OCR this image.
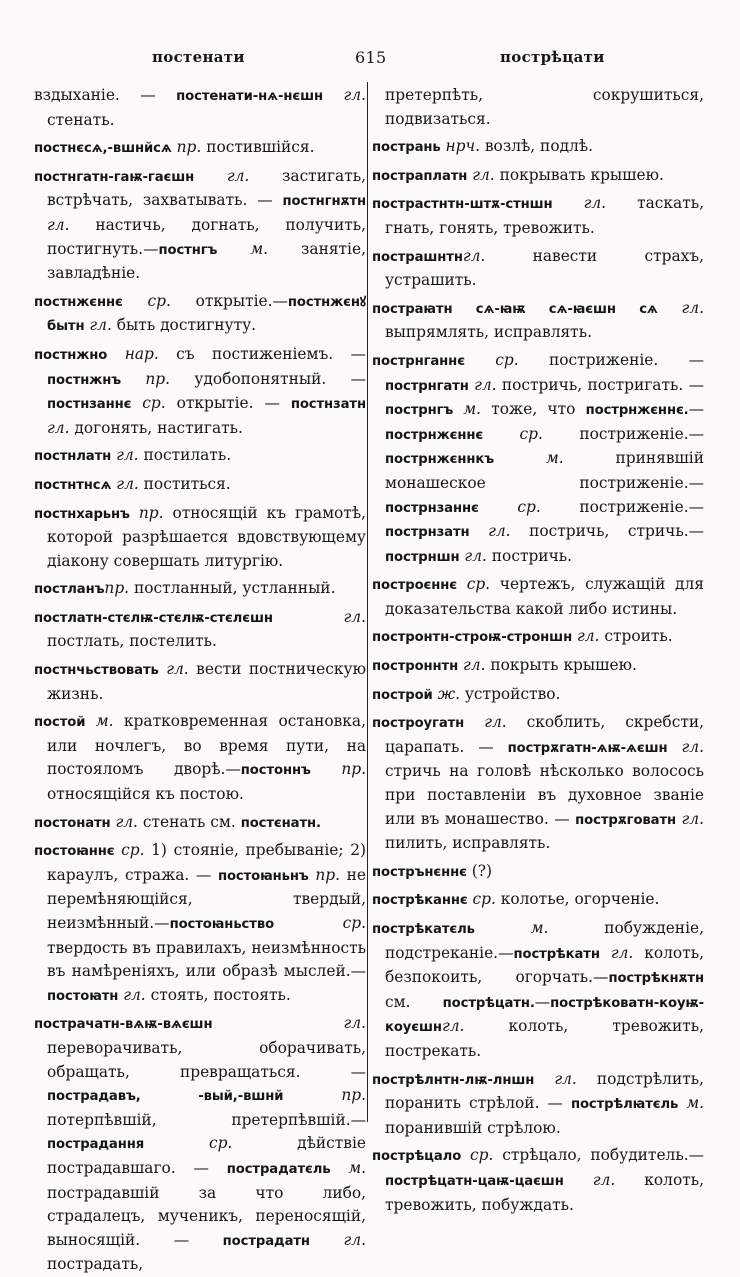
постенати	615	пострѣцати

вздыханіе. — постенати-нѧ-нєшн гл. стенать.

постнєсѧ,-вшнйсѧ пр. постившійся.

постнгатн-гаѭ-гаєшн гл. застигать, встрѣчать, захватывать. — постнгнѫтн гл. настичь, догнать, получить, постигнуть.—постнгъ м. занятіе, завладѣніе.

постнжєннє ср. открытіе.—постнжєнꙋ бытн гл. быть достигнуту.

постнжно нар. съ постиженіемъ. — постнжнъ пр. удобопонятный. — постнзаннє ср. открытіе. — постнзатн гл. догонять, настигать.

постнлатн гл. постилать.

постнтнсѧ гл. поститься.

постнхарьнъ пр. относящій къ грамотѣ, которой разрѣшается вдовствующему діакону совершать литургію.

постланъпр. постланный, устланный.

постлатн-стєлѭ-стєлѭ-стєлєшн	гл. постлать, постелить.

постнчьствовать гл. вести постническую жизнь.

постой м. кратковременная остановка, или ночлегъ, во время пути, на постояломъ дворѣ.—постоннъ пр. относящійся къ постою.

постонатн гл. стенать см. постєнатн.

постоꙗннє ср. 1) стояніе, пребываніе; 2) караулъ, стража. — постоꙗньнъ пр. не перемѣняющійся, твердый, неизмѣнный.—постоꙗньство	ср. твердость въ правилахъ, неизмѣнность въ намѣреніяхъ, или образѣ мыслей.—постоꙗтн гл. стоять, постоять.

пострачатн-вѧѭ-вѧєшн	гл. переворачивать, оборачивать, обращать, превращаться. — пострадавъ, -вый,-вшнй	пр. потерпѣвшій, претерпѣвшій.—пострадання	ср. дѣйствіе пострадавшаго. — пострадатєль м. пострадавшій за что либо, страдалецъ, мученикъ, переносящій, выносящій. — пострадатн гл. пострадать,

претерпѣть, сокрушиться, подвизаться.

пострань нрч. возлѣ, подлѣ.

постраплатн гл. покрывать крышею.

пострастнтн-штѫ-стншн гл. таскать, гнать, гонять, тревожить.

пострашнтнгл. навести страхъ, устрашить.

постраꙗтн сѧ-ꙗѭ сѧ-ꙗєшн сѧ гл. выпрямлять, исправлять.

пострнганнє ср. постриженіе. — пострнгатн гл. постричь, постригать. —пострнгъ м. тоже, что пострнжєннє.— пострнжєннє ср. постриженіе.—пострнжєннкъ	м. принявшій монашеское постриженіе.—пострнзаннє	ср. постриженіе.—пострнзатн гл. постричь, стричь.—пострншн гл. постричь.

построєннє ср. чертежъ, служащій для доказательства какой либо истины.

постронтн-строѭ-строншн гл. строить.

построннтн гл. покрыть крышею.

построй ж. устройство.

построугатн гл. скоблить, скребсти, царапать. — пострѫгатн-ѧѭ-ѧєшн гл. стричь на головѣ нѣсколько волосось при поставленіи въ духовное званіе или въ монашество. — пострѫговатн гл. пилить, исправлять.

пострънєннє (?)

пострѣканнє ср. колотье, огорченіе.

пострѣкатєль	м. побужденіе, подстреканіе.—пострѣкатн гл. колоть, безпокоить, огорчать.—пострѣкнѫтн см. пострѣцатн.—пострѣковатн-коуѭ-коуєшнгл. колоть, тревожить, пострекать.

пострѣлнтн-лѭ-лншн гл. подстрѣлить, поранить стрѣлой. — пострѣлꙗтєль м. поранившій стрѣлою.

пострѣцало ср. стрѣцало, побудитель.—пострѣцатн-цаѭ-цаєшн гл. колоть, тревожить, побуждать.
